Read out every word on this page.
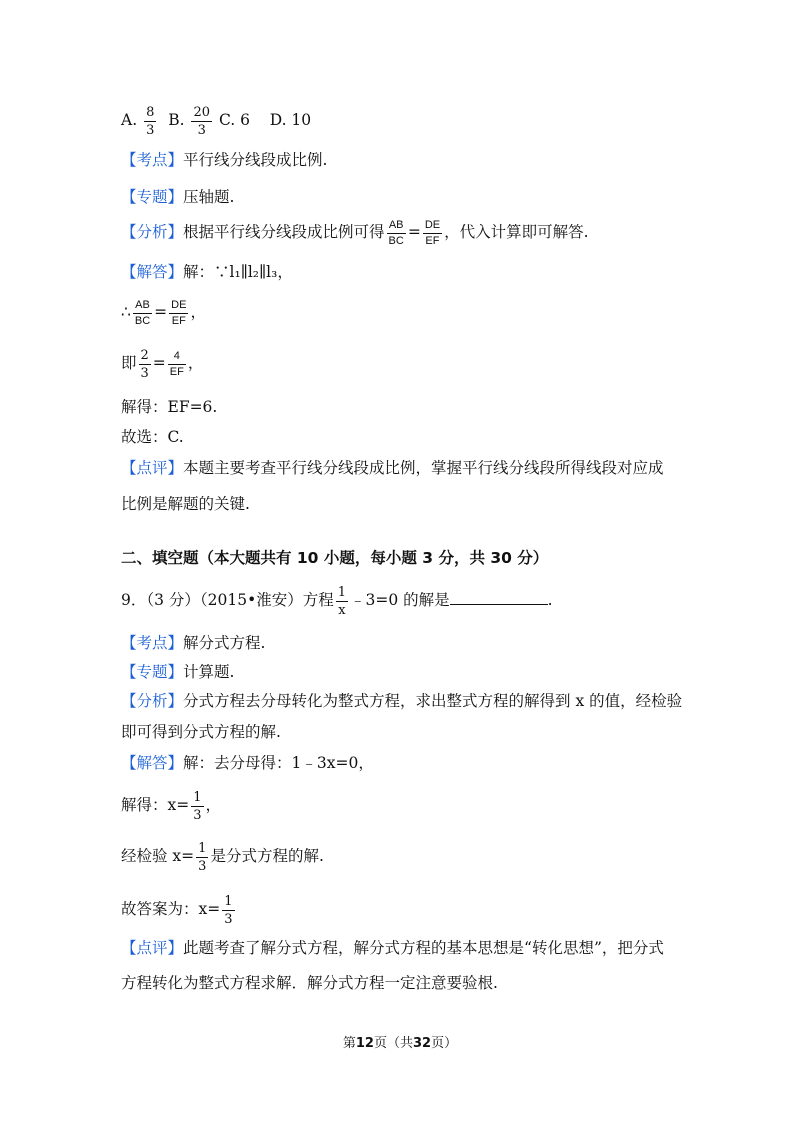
A. $\frac{8}{3} B$. $\frac{20}{3} C$. 6 D. 10
【考点】平行线分线段成比例.
【专题】压轴题.
【分析】根据平行线分线段成比例可得 $\frac{AB}{BC} = \frac{DE}{EF}$ ，代入计算即可解答.
【解答】解：∵l₁∥l₂∥l₃，
∴ $\frac{AB}{BC} = \frac{DE}{EF}$ ，
即 $\frac{2}{3} = \frac{4}{EF}$ ，
解得：EF=6.
故选：C.
【点评】本题主要考查平行线分线段成比例，掌握平行线分线段所得线段对应成
比例是解题的关键.
二、填空题（本大题共有 10 小题，每小题 3 分，共 30 分）
9．（3 分）（2015•淮安）方程 $\frac{1}{x}$ ﹣3=0 的解是	.
【考点】解分式方程.
【专题】计算题.
【分析】分式方程去分母转化为整式方程，求出整式方程的解得到 x 的值，经检验
即可得到分式方程的解.
【解答】解：去分母得：1﹣3x=0，
解得：$x= \frac{1}{3}$ ，
经检验 $x= \frac{1}{3}$ 是分式方程的解.
故答案为：$x= \frac{1}{3}$
【点评】此题考查了解分式方程，解分式方程的基本思想是“转化思想”，把分式
方程转化为整式方程求解．解分式方程一定注意要验根.
第12页（共32页）
